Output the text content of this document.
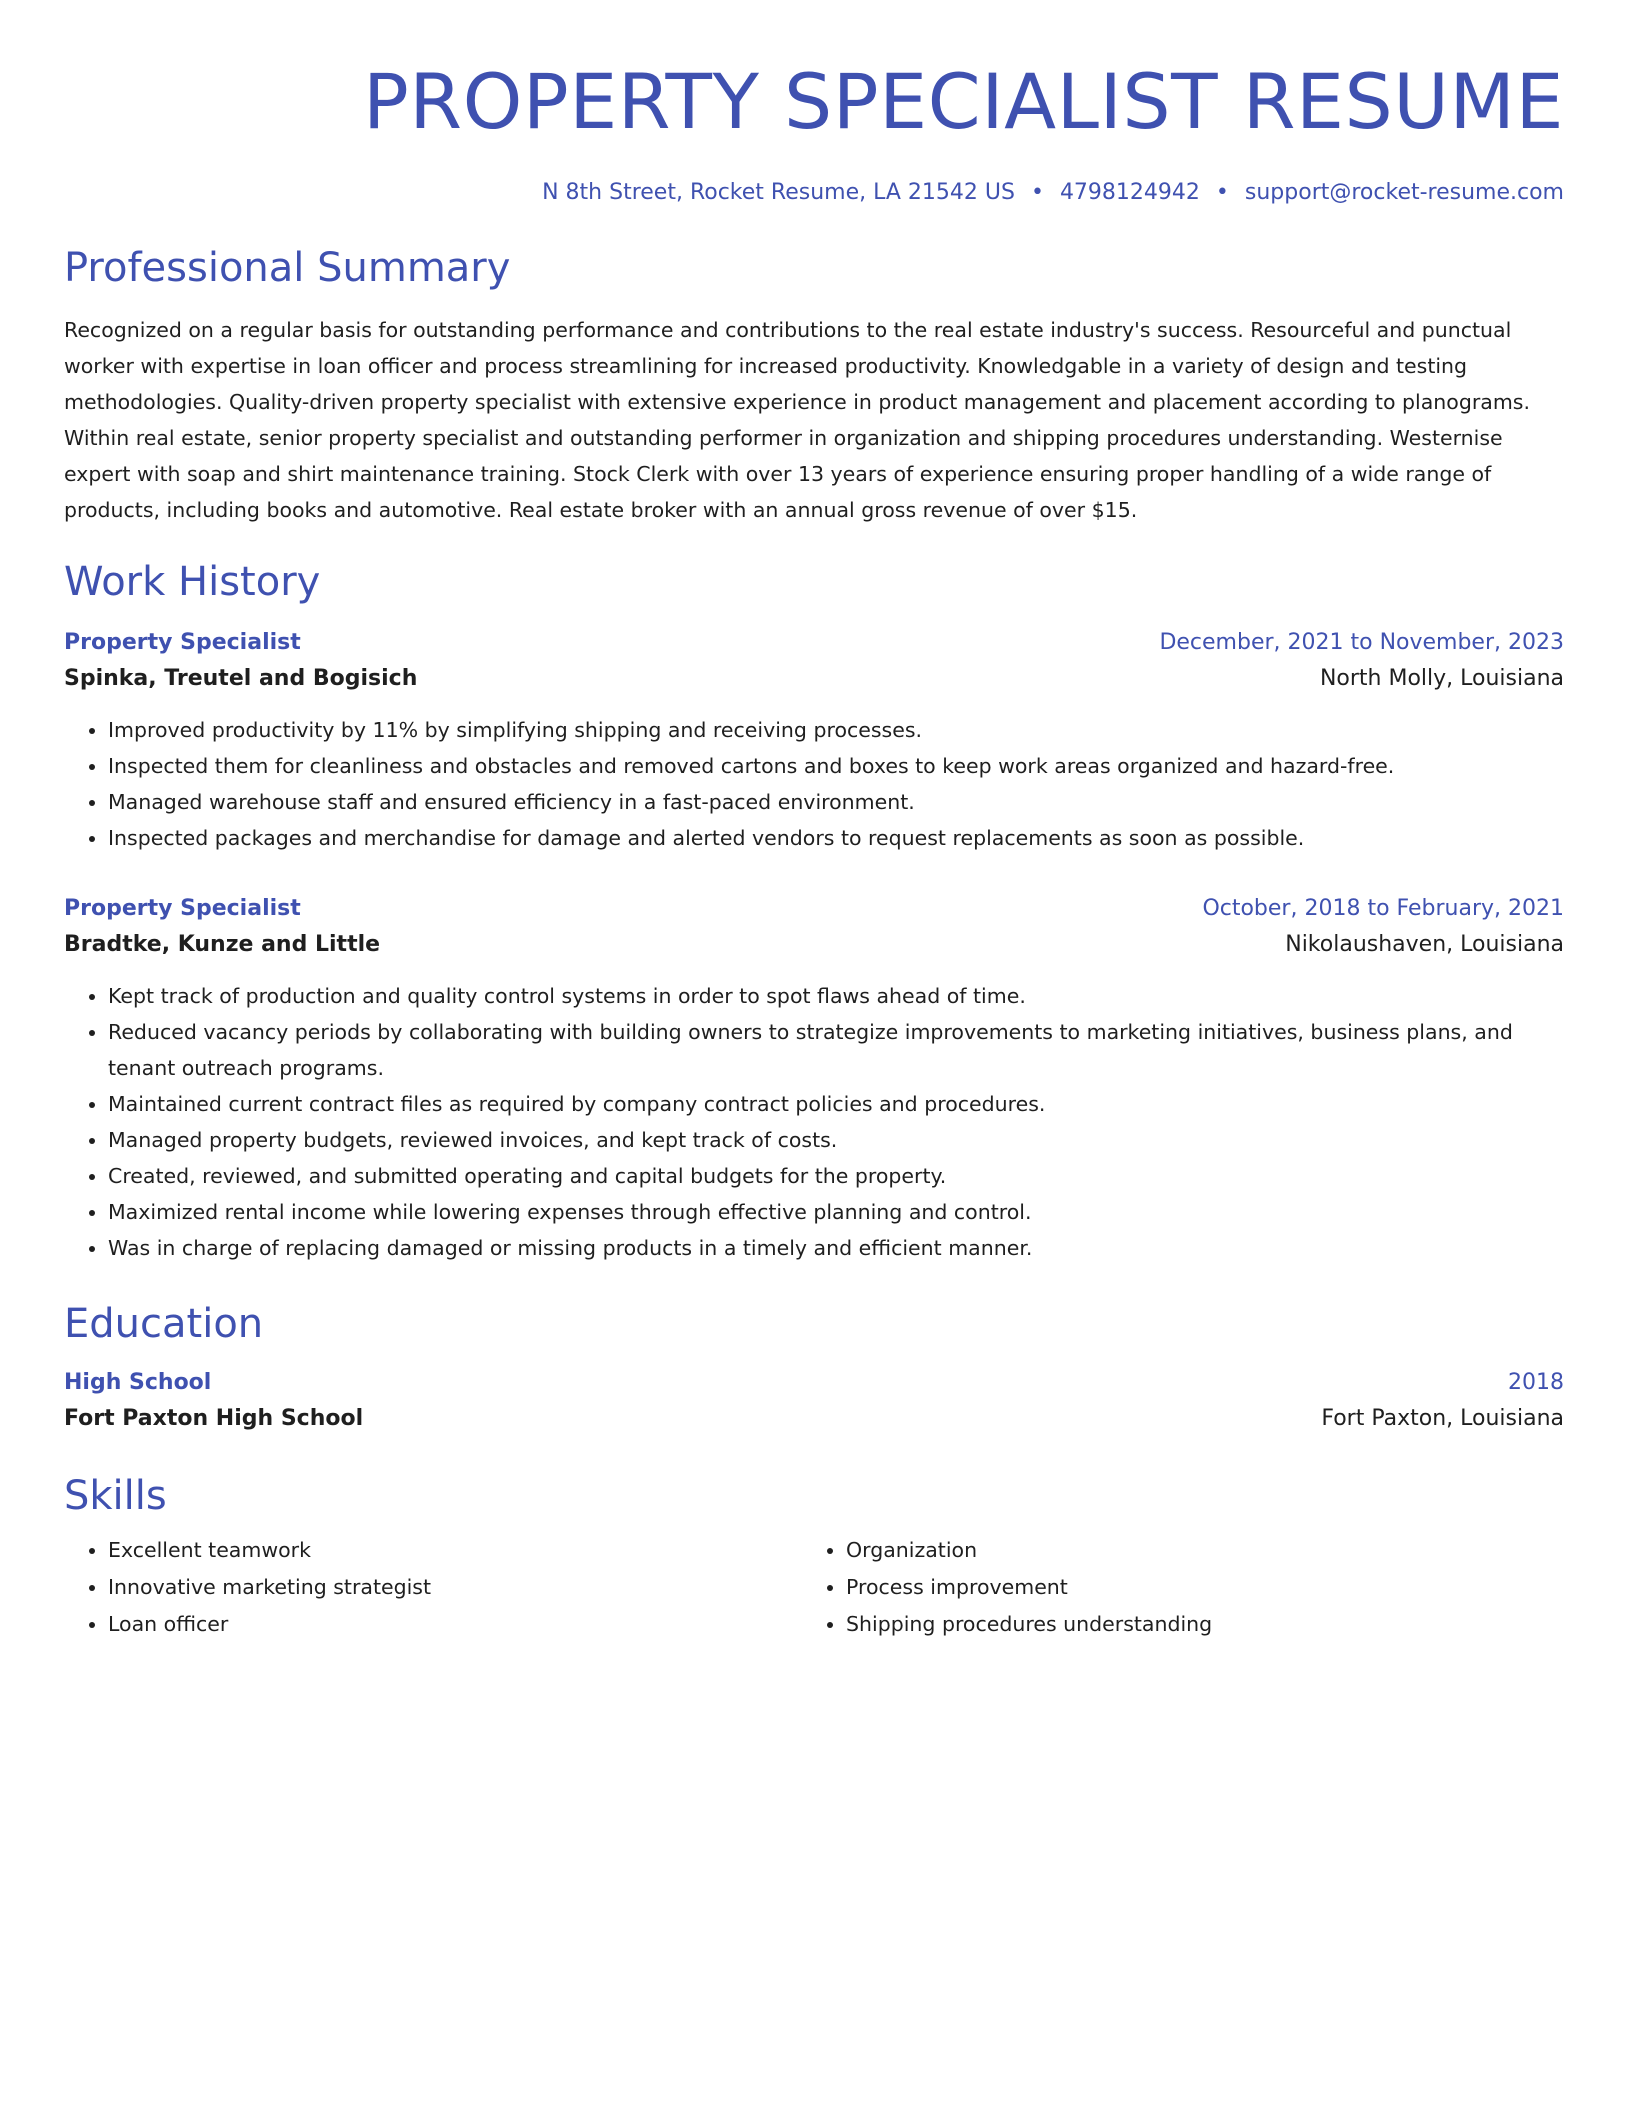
PROPERTY SPECIALIST RESUME
N 8th Street, Rocket Resume, LA 21542 US • 4798124942 • support@rocket-resume.com
Professional Summary
Recognized on a regular basis for outstanding performance and contributions to the real estate industry's success. Resourceful and punctual worker with expertise in loan officer and process streamlining for increased productivity. Knowledgable in a variety of design and testing methodologies. Quality-driven property specialist with extensive experience in product management and placement according to planograms. Within real estate, senior property specialist and outstanding performer in organization and shipping procedures understanding. Westernise expert with soap and shirt maintenance training. Stock Clerk with over 13 years of experience ensuring proper handling of a wide range of products, including books and automotive. Real estate broker with an annual gross revenue of over $15.
Work History
Property Specialist	December, 2021 to November, 2023
Spinka, Treutel and Bogisich	North Molly, Louisiana
• Improved productivity by 11% by simplifying shipping and receiving processes.
• Inspected them for cleanliness and obstacles and removed cartons and boxes to keep work areas organized and hazard-free.
• Managed warehouse staff and ensured efficiency in a fast-paced environment.
• Inspected packages and merchandise for damage and alerted vendors to request replacements as soon as possible.
Property Specialist	October, 2018 to February, 2021
Bradtke, Kunze and Little	Nikolaushaven, Louisiana
• Kept track of production and quality control systems in order to spot flaws ahead of time.
• Reduced vacancy periods by collaborating with building owners to strategize improvements to marketing initiatives, business plans, and tenant outreach programs.
• Maintained current contract files as required by company contract policies and procedures.
• Managed property budgets, reviewed invoices, and kept track of costs.
• Created, reviewed, and submitted operating and capital budgets for the property.
• Maximized rental income while lowering expenses through effective planning and control.
• Was in charge of replacing damaged or missing products in a timely and efficient manner.
Education
High School	2018
Fort Paxton High School	Fort Paxton, Louisiana
Skills
• Excellent teamwork
• Innovative marketing strategist
• Loan officer
• Organization
• Process improvement
• Shipping procedures understanding
